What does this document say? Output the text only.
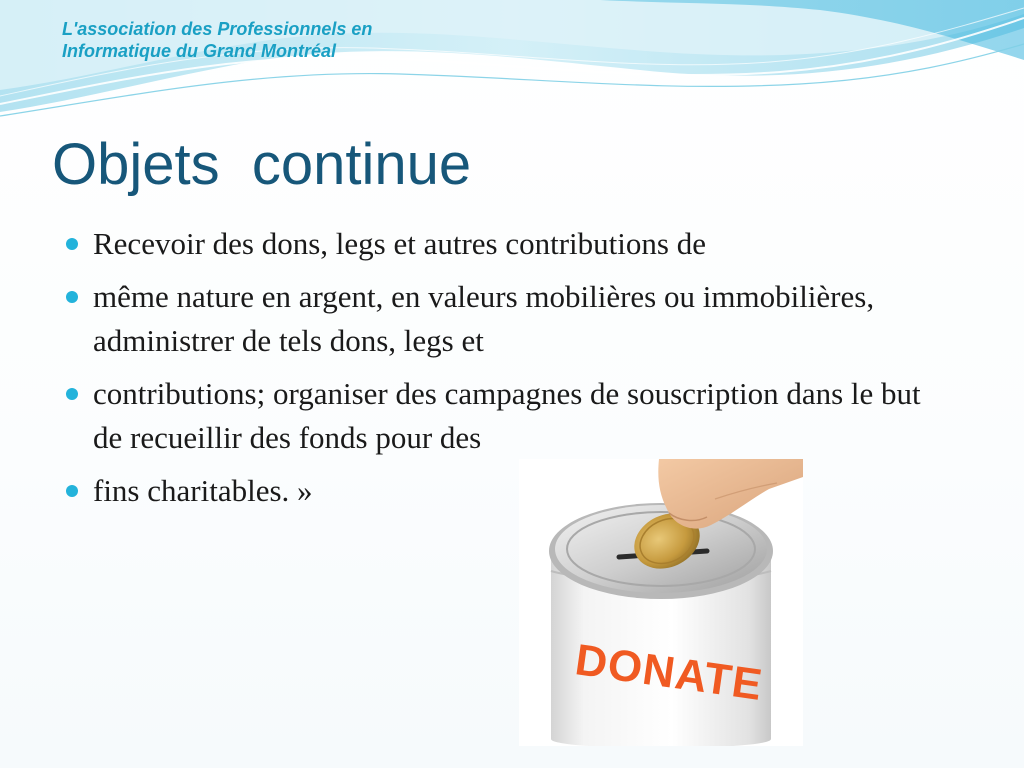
L'association des Professionnels en
Informatique du Grand Montréal
Objets  continue
Recevoir des dons, legs et autres contributions de
même nature en argent, en valeurs mobilières ou immobilières, administrer de tels dons, legs et
contributions; organiser des campagnes de souscription dans le but de recueillir des fonds pour des
fins charitables. »
DONATE
